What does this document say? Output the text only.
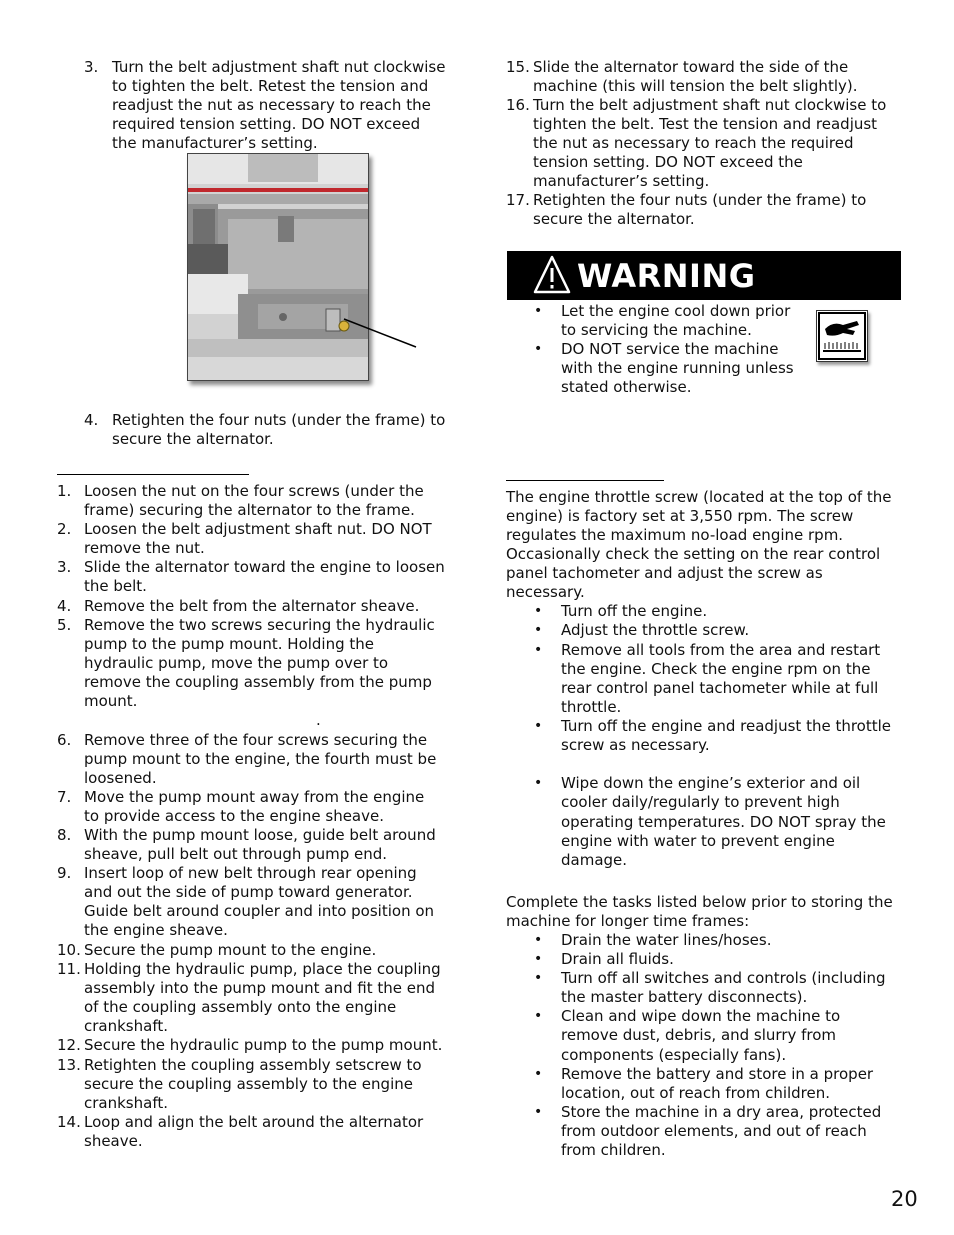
3. Turn the belt adjustment shaft nut clockwise
to tighten the belt. Retest the tension and
readjust the nut as necessary to reach the
required tension setting. DO NOT exceed
the manufacturer’s setting.
4. Retighten the four nuts (under the frame) to
secure the alternator.
1. Loosen the nut on the four screws (under the
frame) securing the alternator to the frame.
2. Loosen the belt adjustment shaft nut. DO NOT
remove the nut.
3. Slide the alternator toward the engine to loosen
the belt.
4. Remove the belt from the alternator sheave.
5. Remove the two screws securing the hydraulic
pump to the pump mount. Holding the
hydraulic pump, move the pump over to
remove the coupling assembly from the pump
mount.
.
6. Remove three of the four screws securing the
pump mount to the engine, the fourth must be
loosened.
7. Move the pump mount away from the engine
to provide access to the engine sheave.
8. With the pump mount loose, guide belt around
sheave, pull belt out through pump end.
9. Insert loop of new belt through rear opening
and out the side of pump toward generator.
Guide belt around coupler and into position on
the engine sheave.
10. Secure the pump mount to the engine.
11. Holding the hydraulic pump, place the coupling
assembly into the pump mount and fit the end
of the coupling assembly onto the engine
crankshaft.
12. Secure the hydraulic pump to the pump mount.
13. Retighten the coupling assembly setscrew to
secure the coupling assembly to the engine
crankshaft.
14. Loop and align the belt around the alternator
sheave.
15. Slide the alternator toward the side of the
machine (this will tension the belt slightly).
16. Turn the belt adjustment shaft nut clockwise to
tighten the belt. Test the tension and readjust
the nut as necessary to reach the required
tension setting. DO NOT exceed the
manufacturer’s setting.
17. Retighten the four nuts (under the frame) to
secure the alternator.
WARNING
• Let the engine cool down prior
to servicing the machine.
• DO NOT service the machine
with the engine running unless
stated otherwise.
The engine throttle screw (located at the top of the
engine) is factory set at 3,550 rpm. The screw
regulates the maximum no-load engine rpm.
Occasionally check the setting on the rear control
panel tachometer and adjust the screw as
necessary.
• Turn off the engine.
• Adjust the throttle screw.
• Remove all tools from the area and restart
the engine. Check the engine rpm on the
rear control panel tachometer while at full
throttle.
• Turn off the engine and readjust the throttle
screw as necessary.
• Wipe down the engine’s exterior and oil
cooler daily/regularly to prevent high
operating temperatures. DO NOT spray the
engine with water to prevent engine
damage.
Complete the tasks listed below prior to storing the
machine for longer time frames:
• Drain the water lines/hoses.
• Drain all fluids.
• Turn off all switches and controls (including
the master battery disconnects).
• Clean and wipe down the machine to
remove dust, debris, and slurry from
components (especially fans).
• Remove the battery and store in a proper
location, out of reach from children.
• Store the machine in a dry area, protected
from outdoor elements, and out of reach
from children.
20
